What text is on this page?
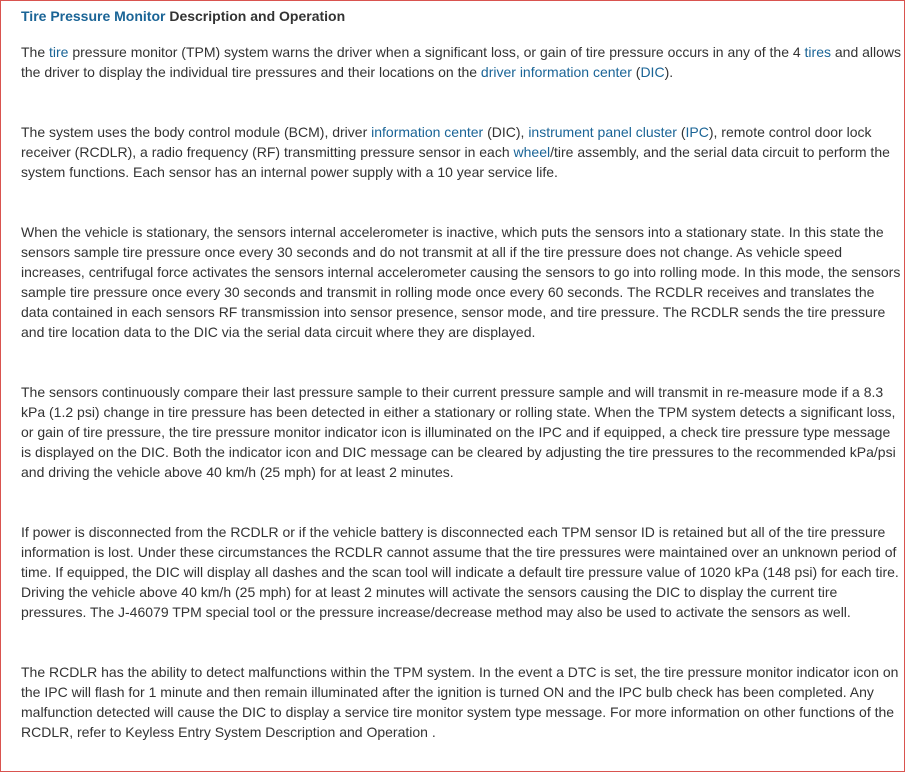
Tire Pressure Monitor Description and Operation

The tire pressure monitor (TPM) system warns the driver when a significant loss, or gain of tire pressure occurs in any of the 4 tires and allows the driver to display the individual tire pressures and their locations on the driver information center (DIC).

The system uses the body control module (BCM), driver information center (DIC), instrument panel cluster (IPC), remote control door lock receiver (RCDLR), a radio frequency (RF) transmitting pressure sensor in each wheel/tire assembly, and the serial data circuit to perform the system functions. Each sensor has an internal power supply with a 10 year service life.

When the vehicle is stationary, the sensors internal accelerometer is inactive, which puts the sensors into a stationary state. In this state the sensors sample tire pressure once every 30 seconds and do not transmit at all if the tire pressure does not change. As vehicle speed increases, centrifugal force activates the sensors internal accelerometer causing the sensors to go into rolling mode. In this mode, the sensors sample tire pressure once every 30 seconds and transmit in rolling mode once every 60 seconds. The RCDLR receives and translates the data contained in each sensors RF transmission into sensor presence, sensor mode, and tire pressure. The RCDLR sends the tire pressure and tire location data to the DIC via the serial data circuit where they are displayed.

The sensors continuously compare their last pressure sample to their current pressure sample and will transmit in re-measure mode if a 8.3 kPa (1.2 psi) change in tire pressure has been detected in either a stationary or rolling state. When the TPM system detects a significant loss, or gain of tire pressure, the tire pressure monitor indicator icon is illuminated on the IPC and if equipped, a check tire pressure type message is displayed on the DIC. Both the indicator icon and DIC message can be cleared by adjusting the tire pressures to the recommended kPa/psi and driving the vehicle above 40 km/h (25 mph) for at least 2 minutes.

If power is disconnected from the RCDLR or if the vehicle battery is disconnected each TPM sensor ID is retained but all of the tire pressure information is lost. Under these circumstances the RCDLR cannot assume that the tire pressures were maintained over an unknown period of time. If equipped, the DIC will display all dashes and the scan tool will indicate a default tire pressure value of 1020 kPa (148 psi) for each tire. Driving the vehicle above 40 km/h (25 mph) for at least 2 minutes will activate the sensors causing the DIC to display the current tire pressures. The J-46079 TPM special tool or the pressure increase/decrease method may also be used to activate the sensors as well.

The RCDLR has the ability to detect malfunctions within the TPM system. In the event a DTC is set, the tire pressure monitor indicator icon on the IPC will flash for 1 minute and then remain illuminated after the ignition is turned ON and the IPC bulb check has been completed. Any malfunction detected will cause the DIC to display a service tire monitor system type message. For more information on other functions of the RCDLR, refer to Keyless Entry System Description and Operation .
